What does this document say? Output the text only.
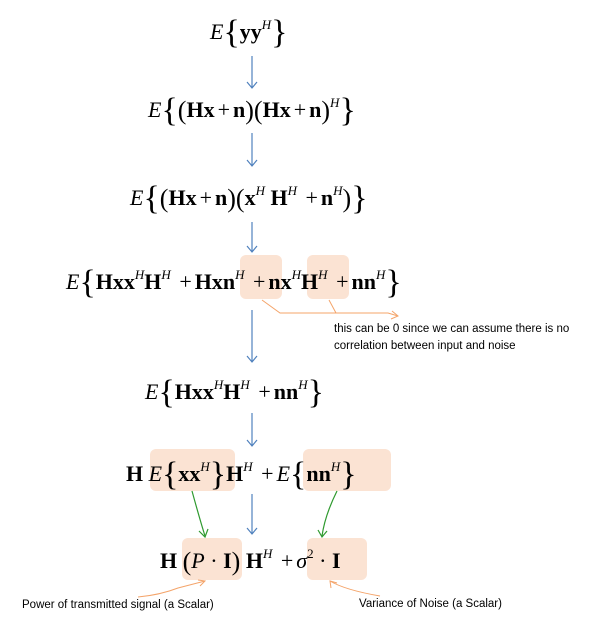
$E\{yy^H\}$
$E\{(Hx + n)(Hx + n)^H\}$
$E\{(Hx + n)(x^H$ $H^H + n^H$)}
$E\{Hxx^HH^H + Hxn^H + nx^HH^H + nn^H\}$
$E\{Hxx^HH^H + nn^H\}$
H $E\{xx^H\}H^H + E\{nn^H\}$
H (P · I) $H^H + \sigma^2 \cdot I$
this can be 0 since we can assume there is no
correlation between input and noise
Power of transmitted signal (a Scalar)	Variance of Noise (a Scalar)
